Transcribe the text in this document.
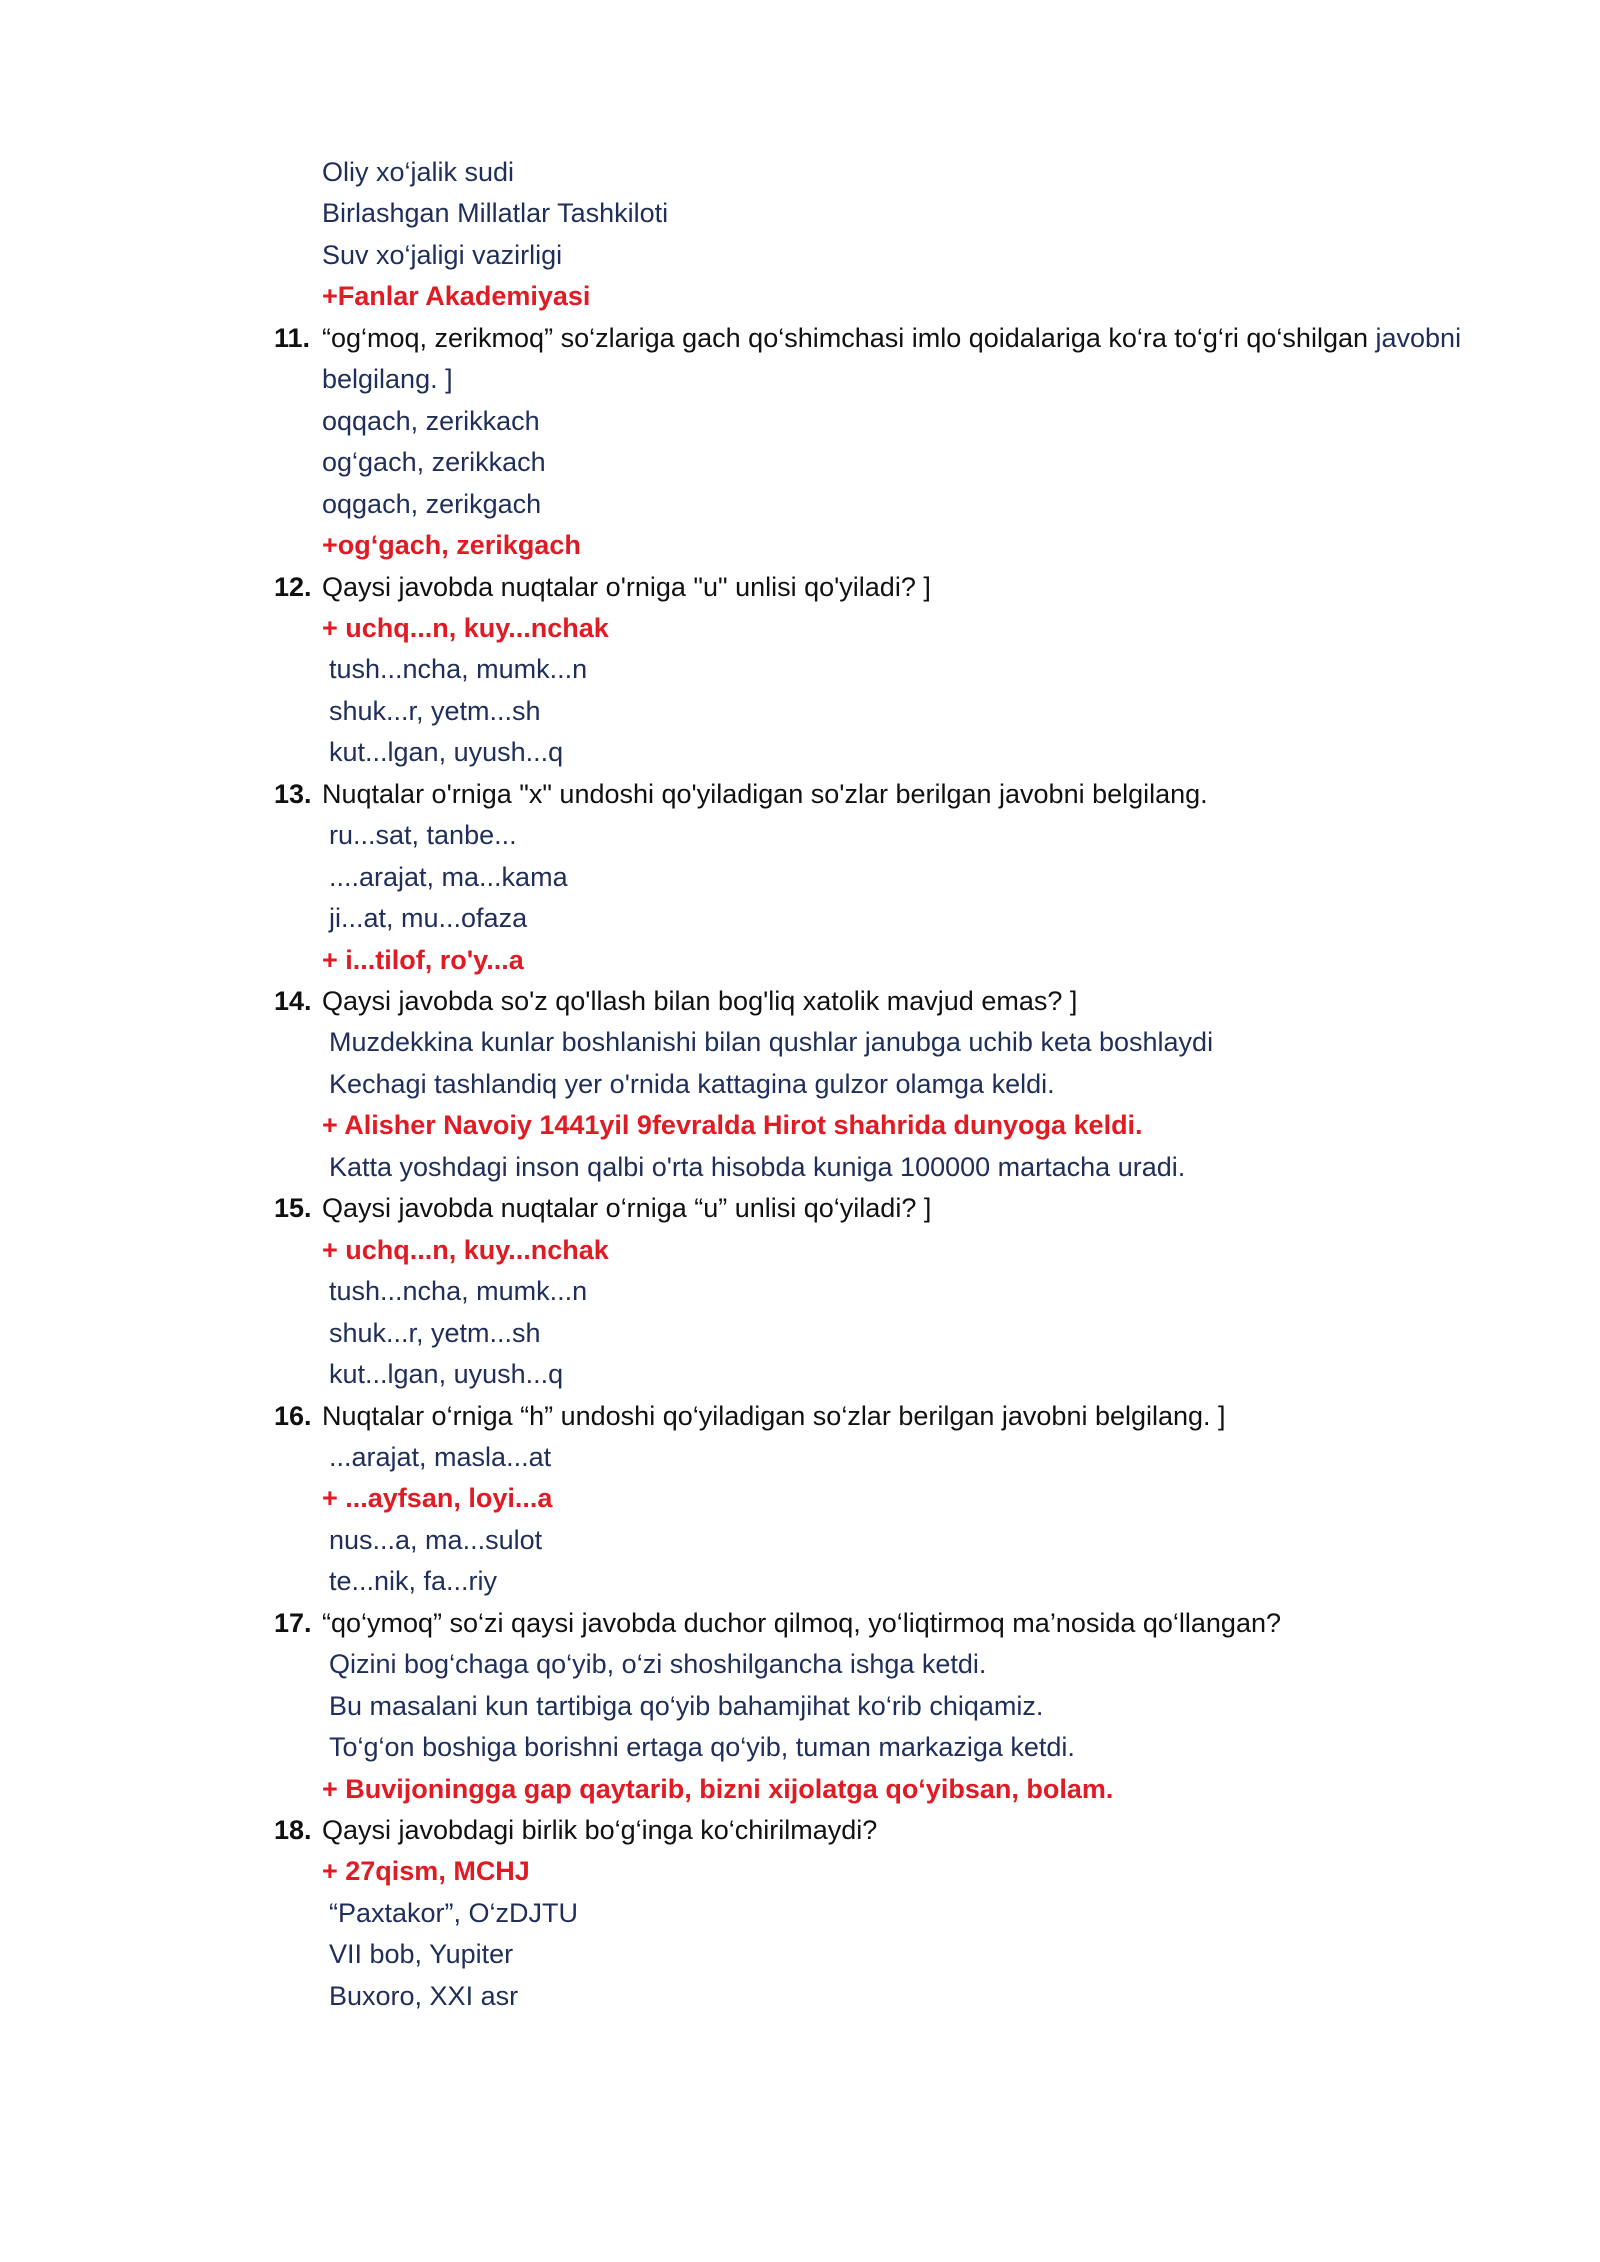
Oliy xo‘jalik sudi
Birlashgan Millatlar Tashkiloti
Suv xo‘jaligi vazirligi
+Fanlar Akademiyasi
11. “og‘moq, zerikmoq” so‘zlariga gach qo‘shimchasi imlo qoidalariga ko‘ra to‘g‘ri qo‘shilgan javobni
belgilang. ]
oqqach, zerikkach
og‘gach, zerikkach
oqgach, zerikgach
+og‘gach, zerikgach
12. Qaysi javobda nuqtalar o'rniga "u" unlisi qo'yiladi? ]
+ uchq...n, kuy...nchak
tush...ncha, mumk...n
shuk...r, yetm...sh
kut...lgan, uyush...q
13. Nuqtalar o'rniga "x" undoshi qo'yiladigan so'zlar berilgan javobni belgilang.
ru...sat, tanbe...
....arajat, ma...kama
ji...at, mu...ofaza
+ i...tilof, ro'y...a
14. Qaysi javobda so'z qo'llash bilan bog'liq xatolik mavjud emas? ]
Muzdekkina kunlar boshlanishi bilan qushlar janubga uchib keta boshlaydi
Kechagi tashlandiq yer o'rnida kattagina gulzor olamga keldi.
+ Alisher Navoiy 1441yil 9fevralda Hirot shahrida dunyoga keldi.
Katta yoshdagi inson qalbi o'rta hisobda kuniga 100000 martacha uradi.
15. Qaysi javobda nuqtalar o‘rniga “u” unlisi qo‘yiladi? ]
+ uchq...n, kuy...nchak
tush...ncha, mumk...n
shuk...r, yetm...sh
kut...lgan, uyush...q
16. Nuqtalar o‘rniga “h” undoshi qo‘yiladigan so‘zlar berilgan javobni belgilang. ]
...arajat, masla...at
+ ...ayfsan, loyi...a
nus...a, ma...sulot
te...nik, fa...riy
17. “qo‘ymoq” so‘zi qaysi javobda duchor qilmoq, yo‘liqtirmoq ma’nosida qo‘llangan?
Qizini bog‘chaga qo‘yib, o‘zi shoshilgancha ishga ketdi.
Bu masalani kun tartibiga qo‘yib bahamjihat ko‘rib chiqamiz.
To‘g‘on boshiga borishni ertaga qo‘yib, tuman markaziga ketdi.
+ Buvijoningga gap qaytarib, bizni xijolatga qo‘yibsan, bolam.
18. Qaysi javobdagi birlik bo‘g‘inga ko‘chirilmaydi?
+ 27qism, MCHJ
“Paxtakor”, O‘zDJTU
VII bob, Yupiter
Buxoro, XXI asr
